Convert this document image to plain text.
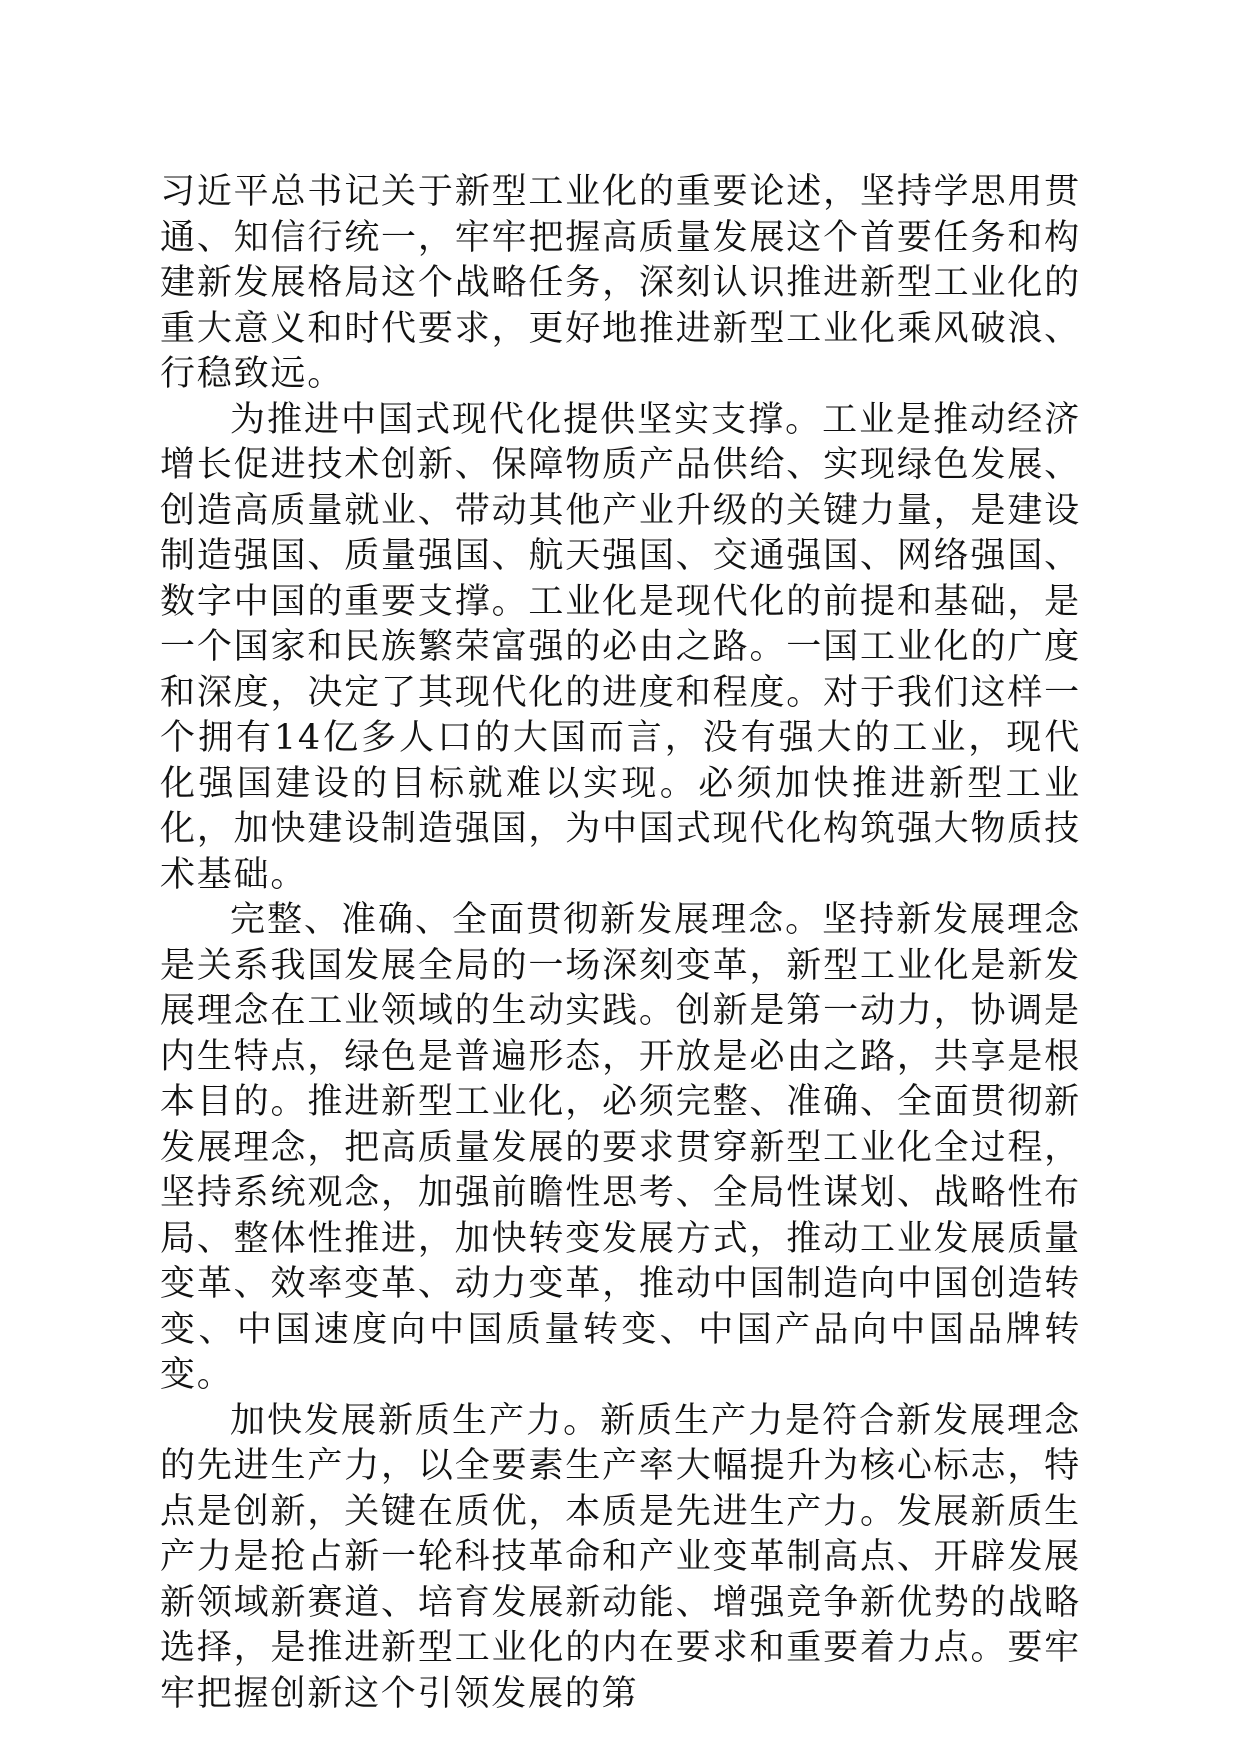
习近平总书记关于新型工业化的重要论述，坚持学思用贯通、知信行统一，牢牢把握高质量发展这个首要任务和构建新发展格局这个战略任务，深刻认识推进新型工业化的重大意义和时代要求，更好地推进新型工业化乘风破浪、行稳致远。

为推进中国式现代化提供坚实支撑。工业是推动经济增长促进技术创新、保障物质产品供给、实现绿色发展、创造高质量就业、带动其他产业升级的关键力量，是建设制造强国、质量强国、航天强国、交通强国、网络强国、数字中国的重要支撑。工业化是现代化的前提和基础，是一个国家和民族繁荣富强的必由之路。一国工业化的广度和深度，决定了其现代化的进度和程度。对于我们这样一个拥有14亿多人口的大国而言，没有强大的工业，现代化强国建设的目标就难以实现。必须加快推进新型工业化，加快建设制造强国，为中国式现代化构筑强大物质技术基础。

完整、准确、全面贯彻新发展理念。坚持新发展理念是关系我国发展全局的一场深刻变革，新型工业化是新发展理念在工业领域的生动实践。创新是第一动力，协调是内生特点，绿色是普遍形态，开放是必由之路，共享是根本目的。推进新型工业化，必须完整、准确、全面贯彻新发展理念，把高质量发展的要求贯穿新型工业化全过程，坚持系统观念，加强前瞻性思考、全局性谋划、战略性布局、整体性推进，加快转变发展方式，推动工业发展质量变革、效率变革、动力变革，推动中国制造向中国创造转变、中国速度向中国质量转变、中国产品向中国品牌转变。

加快发展新质生产力。新质生产力是符合新发展理念的先进生产力，以全要素生产率大幅提升为核心标志，特点是创新，关键在质优，本质是先进生产力。发展新质生产力是抢占新一轮科技革命和产业变革制高点、开辟发展新领域新赛道、培育发展新动能、增强竞争新优势的战略选择，是推进新型工业化的内在要求和重要着力点。要牢牢把握创新这个引领发展的第
